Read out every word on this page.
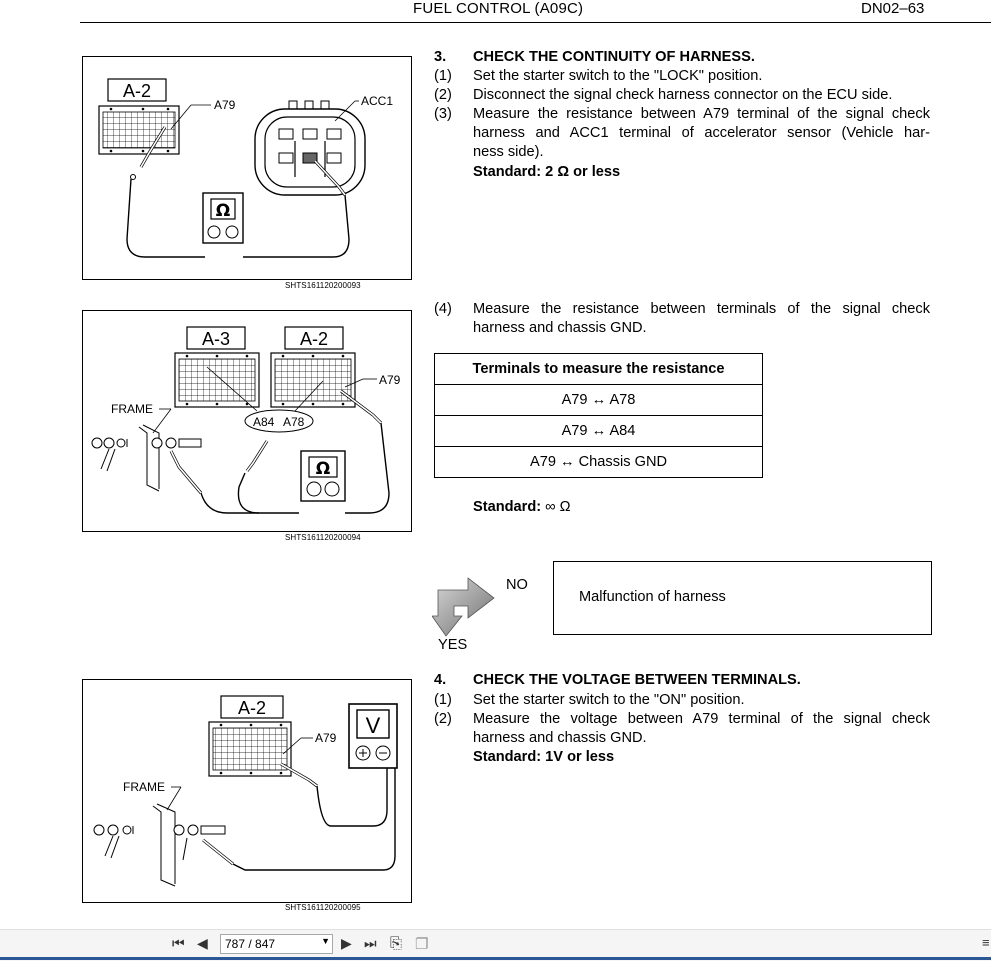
FUEL CONTROL (A09C)	DN02–63
A-2
A79	ACC1
Ω
SHTS161120200093
A-3	A-2
A79
A84 A78
FRAME
Ω
SHTS161120200094
A-2
A79 V
FRAME
SHTS161120200095
3. CHECK THE CONTINUITY OF HARNESS.
(1) Set the starter switch to the "LOCK" position.
(2) Disconnect the signal check harness connector on the ECU side.
(3) Measure the resistance between A79 terminal of the signal check
harness and ACC1 terminal of accelerator sensor (Vehicle har-
ness side).
Standard: 2 Ω or less
(4) Measure the resistance between terminals of the signal check
harness and chassis GND.
Terminals to measure the resistance
A79 ↔ A78
A79 ↔ A84
A79 ↔ Chassis GND
Standard: ∞ Ω
NO
YES
Malfunction of harness
4. CHECK THE VOLTAGE BETWEEN TERMINALS.
(1) Set the starter switch to the "ON" position.
(2) Measure the voltage between A79 terminal of the signal check
harness and chassis GND.
Standard: 1V or less
⏮ ◀ 787 / 847	▼ ▶ ⏭ ⎘ ❐	≡
